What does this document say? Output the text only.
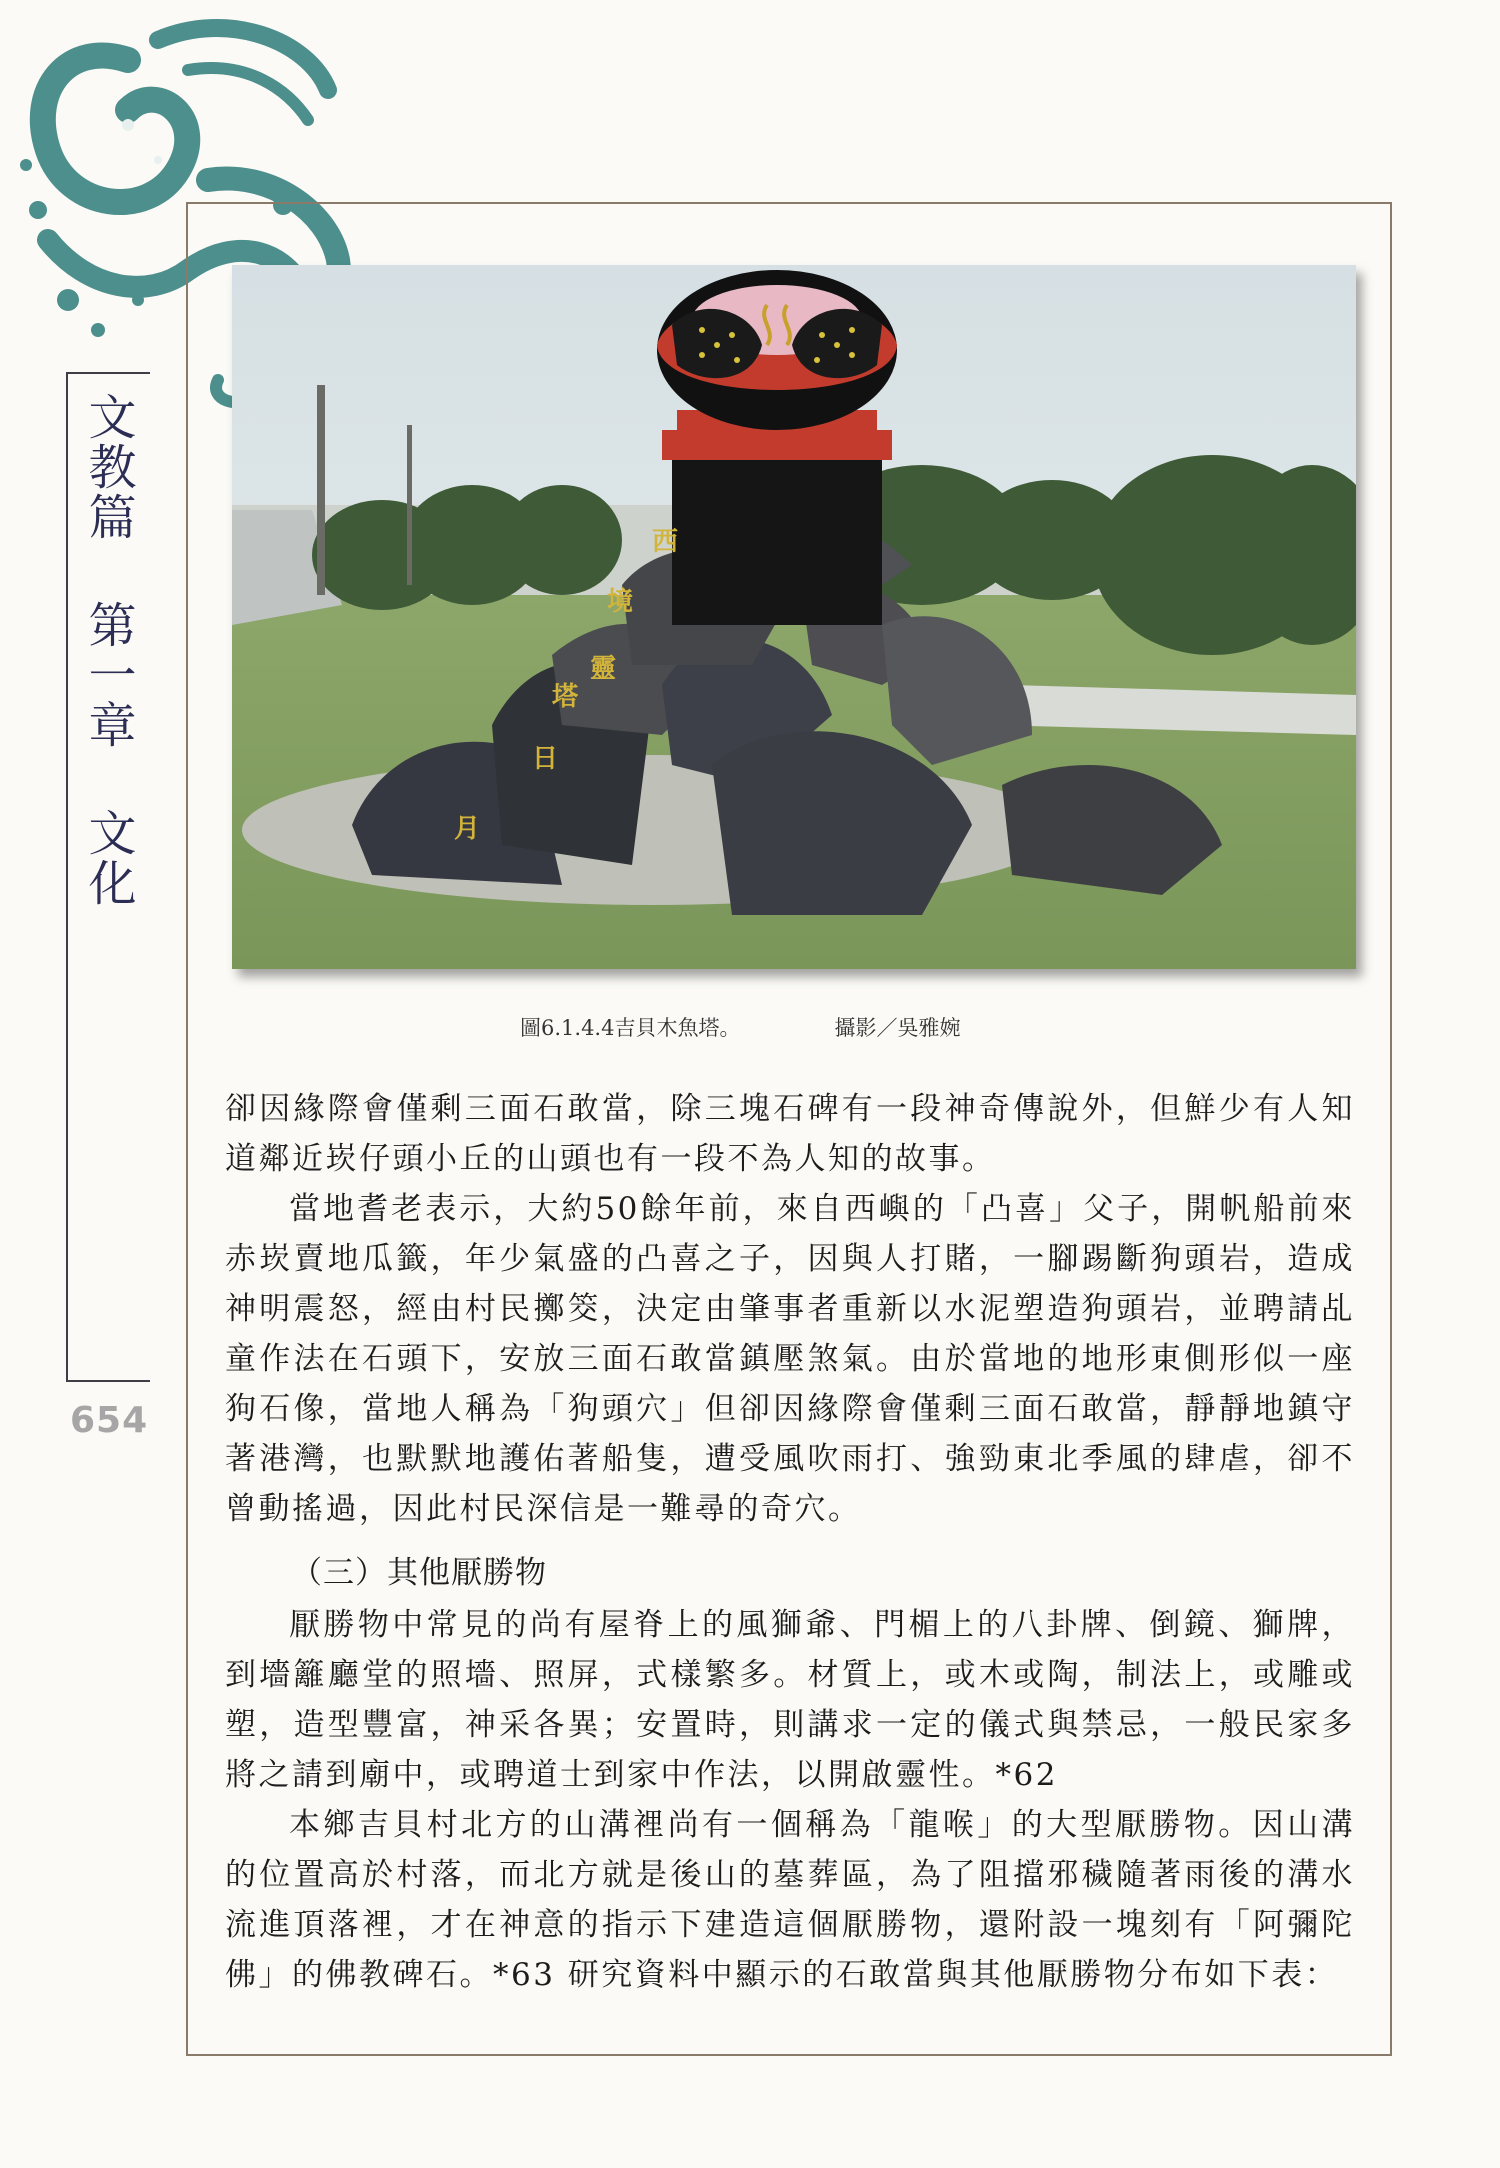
文教篇 第一章 文化
654
西
境
靈
塔
日
月
圖6.1.4.4吉貝木魚塔。	攝影／吳雅婉

卻因緣際會僅剩三面石敢當，除三塊石碑有一段神奇傳說外，但鮮少有人知道鄰近崁仔頭小丘的山頭也有一段不為人知的故事。

當地耆老表示，大約50餘年前，來自西嶼的「凸喜」父子，開帆船前來赤崁賣地瓜籤，年少氣盛的凸喜之子，因與人打賭，一腳踢斷狗頭岩，造成神明震怒，經由村民擲筊，決定由肇事者重新以水泥塑造狗頭岩，並聘請乩童作法在石頭下，安放三面石敢當鎮壓煞氣。由於當地的地形東側形似一座狗石像，當地人稱為「狗頭穴」但卻因緣際會僅剩三面石敢當，靜靜地鎮守著港灣，也默默地護佑著船隻，遭受風吹雨打、強勁東北季風的肆虐，卻不曾動搖過，因此村民深信是一難尋的奇穴。

（三）其他厭勝物

厭勝物中常見的尚有屋脊上的風獅爺、門楣上的八卦牌、倒鏡、獅牌，到墻籬廳堂的照墻、照屏，式樣繁多。材質上，或木或陶，制法上，或雕或塑，造型豐富，神采各異；安置時，則講求一定的儀式與禁忌，一般民家多將之請到廟中，或聘道士到家中作法，以開啟靈性。*62

本鄉吉貝村北方的山溝裡尚有一個稱為「龍喉」的大型厭勝物。因山溝的位置高於村落，而北方就是後山的墓葬區，為了阻擋邪穢隨著雨後的溝水流進頂落裡，才在神意的指示下建造這個厭勝物，還附設一塊刻有「阿彌陀佛」的佛教碑石。*63 研究資料中顯示的石敢當與其他厭勝物分布如下表：
